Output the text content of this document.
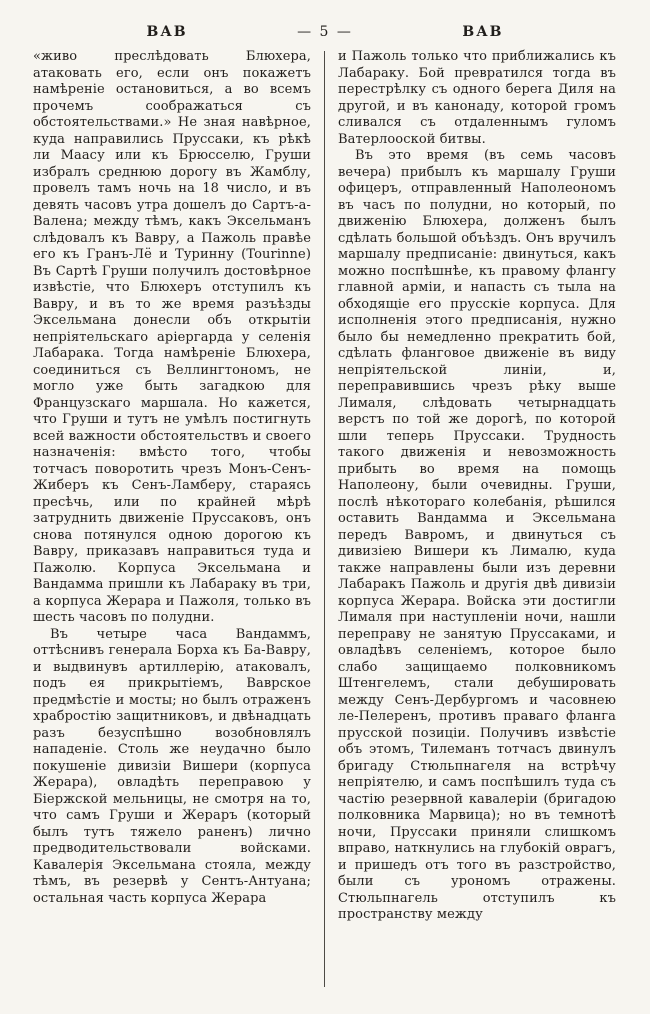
ВАВ	— 5 —	ВАВ

«живо преслѣдовать Блюхера, атаковать его, если онъ покажетъ намѣреніе остановиться, а во всемъ прочемъ соображаться съ обстоятельствами.» Не зная навѣрное, куда направились Пруссаки, къ рѣкѣ ли Маасу или къ Брюсселю, Груши избралъ среднюю дорогу въ Жамблу, провелъ тамъ ночь на 18 число, и въ девять часовъ утра дошелъ до Сартъ-а-Валена; между тѣмъ, какъ Эксельманъ слѣдовалъ къ Вавру, а Пажоль правѣе его къ Гранъ-Лё и Туринну (Tourinne) Въ Сартѣ Груши получилъ достовѣрное извѣстіе, что Блюхеръ отступилъ къ Вавру, и въ то же время разъѣзды Эксельмана донесли объ открытіи непріятельскаго аріергарда у селенія Лабарака. Тогда намѣреніе Блюхера, соединиться съ Веллингтономъ, не могло уже быть загадкою для Французскаго маршала. Но кажется, что Груши и тутъ не умѣлъ постигнуть всей важности обстоятельствъ и своего назначенія: вмѣсто того, чтобы тотчасъ поворотить чрезъ Монъ-Сенъ-Жиберъ къ Сенъ-Ламберу, стараясь пресѣчь, или по крайней мѣрѣ затруднить движеніе Пруссаковъ, онъ снова потянулся одною дорогою къ Вавру, приказавъ направиться туда и Пажолю. Корпуса Эксельмана и Вандамма пришли къ Лабараку въ три, а корпуса Жерара и Пажоля, только въ шесть часовъ по полудни.

Въ четыре часа Вандаммъ, оттѣснивъ генерала Борха къ Ба-Вавру, и выдвинувъ артиллерію, атаковалъ, подъ ея прикрытіемъ, Ваврское предмѣстіе и мосты; но былъ отраженъ храбростію защитниковъ, и двѣнадцать разъ безуспѣшно возобновлялъ нападеніе. Столь же неудачно было покушеніе дивизіи Вишери (корпуса Жерара), овладѣть переправою у Біержской мельницы, не смотря на то, что самъ Груши и Жераръ (который былъ тутъ тяжело раненъ) лично предводительствовали войсками. Кавалерія Эксельмана стояла, между тѣмъ, въ резервѣ у Сентъ-Антуана; остальная часть корпуса Жерара

и Пажоль только что приближались къ Лабараку. Бой превратился тогда въ перестрѣлку съ одного берега Диля на другой, и въ канонаду, которой громъ сливался съ отдаленнымъ гуломъ Ватерлооской битвы.

Въ это время (въ семь часовъ вечера) прибылъ къ маршалу Груши офицеръ, отправленный Наполеономъ въ часъ по полудни, но который, по движенію Блюхера, долженъ былъ сдѣлать большой объѣздъ. Онъ вручилъ маршалу предписаніе: двинуться, какъ можно поспѣшнѣе, къ правому флангу главной арміи, и напасть съ тыла на обходящіе его прусскіе корпуса. Для исполненія этого предписанія, нужно было бы немедленно прекратить бой, сдѣлать фланговое движеніе въ виду непріятельской линіи, и, переправившись чрезъ рѣку выше Лималя, слѣдовать четырнадцать верстъ по той же дорогѣ, по которой шли теперь Пруссаки. Трудность такого движенія и невозможность прибыть во время на помощь Наполеону, были очевидны. Груши, послѣ нѣкотораго колебанія, рѣшился оставить Вандамма и Эксельмана передъ Вавромъ, и двинуться съ дивизіею Вишери къ Лималю, куда также направлены были изъ деревни Лабаракъ Пажоль и другія двѣ дивизіи корпуса Жерара. Войска эти достигли Лималя при наступленіи ночи, нашли переправу не занятую Пруссаками, и овладѣвъ селеніемъ, которое было слабо защищаемо полковникомъ Штенгелемъ, стали дебушировать между Сенъ-Дербургомъ и часовнею ле-Пелеренъ, противъ праваго фланга прусской позиціи. Получивъ извѣстіе объ этомъ, Тилеманъ тотчасъ двинулъ бригаду Стюльпнагеля на встрѣчу непріятелю, и самъ поспѣшилъ туда съ частію резервной кавалеріи (бригадою полковника Марвица); но въ темнотѣ ночи, Пруссаки приняли слишкомъ вправо, наткнулись на глубокій оврагъ, и пришедъ отъ того въ разстройство, были съ урономъ отражены. Стюльпнагель отступилъ къ пространству между
